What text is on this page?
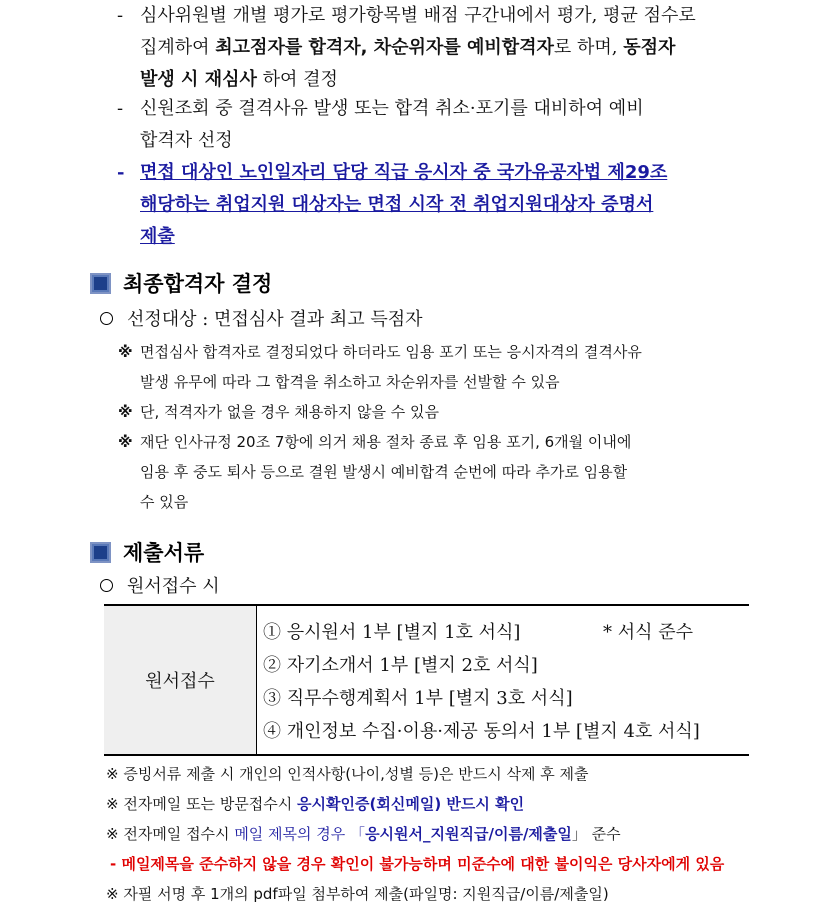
- 심사위원별 개별 평가로 평가항목별 배점 구간내에서 평가, 평균 점수로
집계하여 최고점자를 합격자, 차순위자를 예비합격자로 하며, 동점자
발생 시 재심사 하여 결정
- 신원조회 중 결격사유 발생 또는 합격 취소·포기를 대비하여 예비
합격자 선정
- 면접 대상인 노인일자리 담당 직급 응시자 중 국가유공자법 제29조
해당하는 취업지원 대상자는 면접 시작 전 취업지원대상자 증명서
제출
최종합격자 결정
선정대상 : 면접심사 결과 최고 득점자
※ 면접심사 합격자로 결정되었다 하더라도 임용 포기 또는 응시자격의 결격사유
발생 유무에 따라 그 합격을 취소하고 차순위자를 선발할 수 있음
※ 단, 적격자가 없을 경우 채용하지 않을 수 있음
※ 재단 인사규정 20조 7항에 의거 채용 절차 종료 후 임용 포기, 6개월 이내에
임용 후 중도 퇴사 등으로 결원 발생시 예비합격 순번에 따라 추가로 임용할
수 있음
제출서류
원서접수 시
원서접수	
① 응시원서 1부 [별지 1호 서식]	* 서식 준수
② 자기소개서 1부 [별지 2호 서식]
③ 직무수행계획서 1부 [별지 3호 서식]
④ 개인정보 수집·이용·제공 동의서 1부 [별지 4호 서식]
※ 증빙서류 제출 시 개인의 인적사항(나이,성별 등)은 반드시 삭제 후 제출
※ 전자메일 또는 방문접수시 응시확인증(회신메일) 반드시 확인
※ 전자메일 접수시 메일 제목의 경우 「응시원서_지원직급/이름/제출일」 준수
- 메일제목을 준수하지 않을 경우 확인이 불가능하며 미준수에 대한 불이익은 당사자에게 있음
※ 자필 서명 후 1개의 pdf파일 첨부하여 제출(파일명: 지원직급/이름/제출일)
